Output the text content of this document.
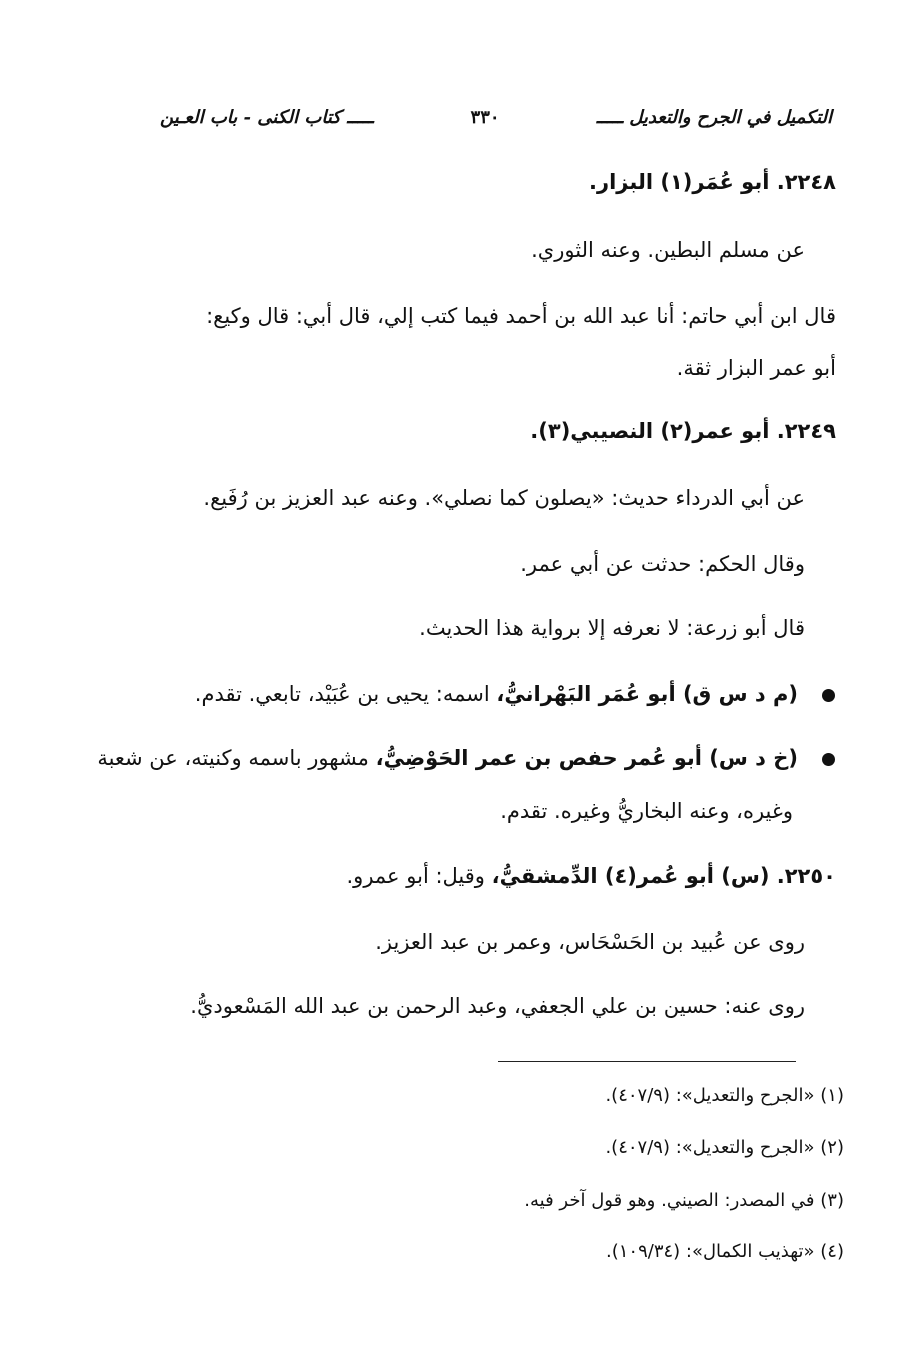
التكميل في الجرح والتعديل ـــــ
٣٣٠
ـــــ كتاب الكنى - باب العـين
٢٢٤٨. أبو عُمَر(١) البزار.
عن مسلم البطين. وعنه الثوري.
قال ابن أبي حاتم: أنا عبد الله بن أحمد فيما كتب إلي، قال أبي: قال وكيع:
أبو عمر البزار ثقة.
٢٢٤٩. أبو عمر(٢) النصيبي(٣).
عن أبي الدرداء حديث: «يصلون كما نصلي». وعنه عبد العزيز بن رُفَيع.
وقال الحكم: حدثت عن أبي عمر.
قال أبو زرعة: لا نعرفه إلا برواية هذا الحديث.
(م د س ق) أبو عُمَر البَهْرانيُّ، اسمه: يحيى بن عُبَيْد، تابعي. تقدم.
(خ د س) أبو عُمر حفص بن عمر الحَوْضِيُّ، مشهور باسمه وكنيته، عن شعبة
وغيره، وعنه البخاريُّ وغيره. تقدم.
٢٢٥٠. (س) أبو عُمر(٤) الدِّمشقيُّ، وقيل: أبو عمرو.
روى عن عُبيد بن الحَسْحَاس، وعمر بن عبد العزيز.
روى عنه: حسين بن علي الجعفي، وعبد الرحمن بن عبد الله المَسْعوديُّ.
(١) «الجرح والتعديل»: (٤٠٧/٩).
(٢) «الجرح والتعديل»: (٤٠٧/٩).
(٣) في المصدر: الصيني. وهو قول آخر فيه.
(٤) «تهذيب الكمال»: (١٠٩/٣٤).
